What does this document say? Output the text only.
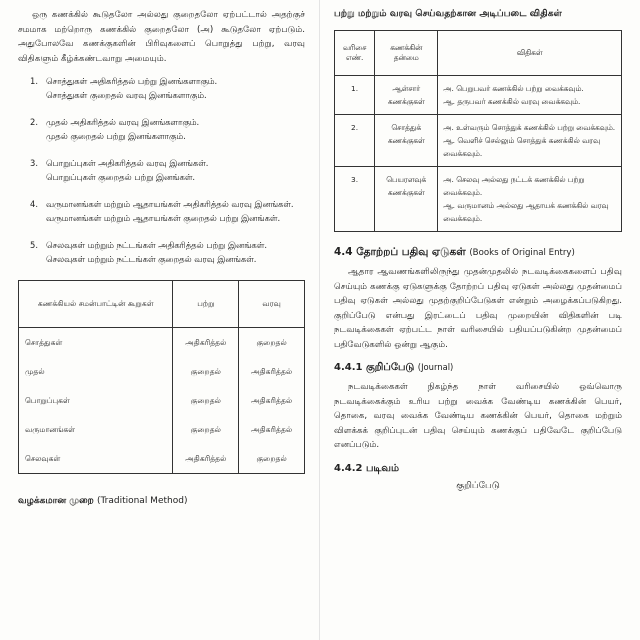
ஒரு கணக்கில் கூடுதலோ அல்லது குறைதலோ ஏற்பட்டால் அதற்குச் சமமாக மற்றொரு கணக்கில் குறைதலோ (அ) கூடுதலோ ஏற்படும். அதுபோலவே கணக்குகளின் பிரிவுகளைப் பொறுத்து பற்று, வரவு விதிகளும் கீழ்க்கண்டவாறு அமையும்.

1. சொத்துகள் அதிகரித்தல் பற்று இனங்களாகும்.
சொத்துகள் குறைதல் வரவு இனங்களாகும்.
2. முதல் அதிகரித்தல் வரவு இனங்களாகும்.
முதல் குறைதல் பற்று இனங்களாகும்.
3. பொறுப்புகள் அதிகரித்தல் வரவு இனங்கள்.
பொறுப்புகள் குறைதல் பற்று இனங்கள்.
4. வருமானங்கள் மற்றும் ஆதாயங்கள் அதிகரித்தல் வரவு இனங்கள்.
வருமானங்கள் மற்றும் ஆதாயங்கள் குறைதல் பற்று இனங்கள்.
5. செலவுகள் மற்றும் நட்டங்கள் அதிகரித்தல் பற்று இனங்கள்.
செலவுகள் மற்றும் நட்டங்கள் குறைதல் வரவு இனங்கள்.
கணக்கியல் சமன்பாட்டின் கூறுகள்	பற்று	வரவு
சொத்துகள்	அதிகரித்தல்	குறைதல்
முதல்	குறைதல்	அதிகரித்தல்
பொறுப்புகள்	குறைதல்	அதிகரித்தல்
வருமானங்கள்	குறைதல்	அதிகரித்தல்
செலவுகள்	அதிகரித்தல்	குறைதல்
வழக்கமான முறை (Traditional Method)
பற்று மற்றும் வரவு செய்வதற்கான அடிப்படை விதிகள்
வரிசை எண்.	கணக்கின் தன்மை	விதிகள்
1.	ஆள்சார் கணக்குகள்	அ. பெறுபவர் கணக்கில் பற்று வைக்கவும்.
ஆ. தருபவர் கணக்கில் வரவு வைக்கவும்.

2.	சொத்துக் கணக்குகள்	அ. உள்வரும் சொத்துக் கணக்கில் பற்று வைக்கவும்.
ஆ. வெளிச் செல்லும் சொத்துக் கணக்கில் வரவு வைக்கவும்.

3.	பெயரளவுக் கணக்குகள்	அ. செலவு அல்லது நட்டக் கணக்கில் பற்று வைக்கவும்.
ஆ. வருமானம் அல்லது ஆதாயக் கணக்கில் வரவு வைக்கவும்.
4.4 தோற்றப் பதிவு ஏடுகள் (Books of Original Entry)

ஆதார ஆவணங்களிலிருந்து முதன்முதலில் நடவடிக்கைகளைப் பதிவு செய்யும் கணக்கு ஏடுகளுக்கு தோற்றப் பதிவு ஏடுகள் அல்லது முதன்மைப் பதிவு ஏடுகள் அல்லது முதற்குறிப்பேடுகள் என்றும் அழைக்கப்படுகிறது. குறிப்பேடு என்பது இரட்டைப் பதிவு முறையின் விதிகளின் படி நடவடிக்கைகள் ஏற்பட்ட நாள் வரிசையில் பதியப்படுகின்ற முதன்மைப் பதிவேடுகளில் ஒன்று ஆகும்.

4.4.1 குறிப்பேடு (Journal)

நடவடிக்கைகள் நிகழ்ந்த நாள் வரிசையில் ஒவ்வொரு நடவடிக்கைக்கும் உரிய பற்று வைக்க வேண்டிய கணக்கின் பெயர், தொகை, வரவு வைக்க வேண்டிய கணக்கின் பெயர், தொகை மற்றும் விளக்கக் குறிப்புடன் பதிவு செய்யும் கணக்குப் பதிவேடே குறிப்பேடு எனப்படும்.

4.4.2 படிவம்
குறிப்பேடு
